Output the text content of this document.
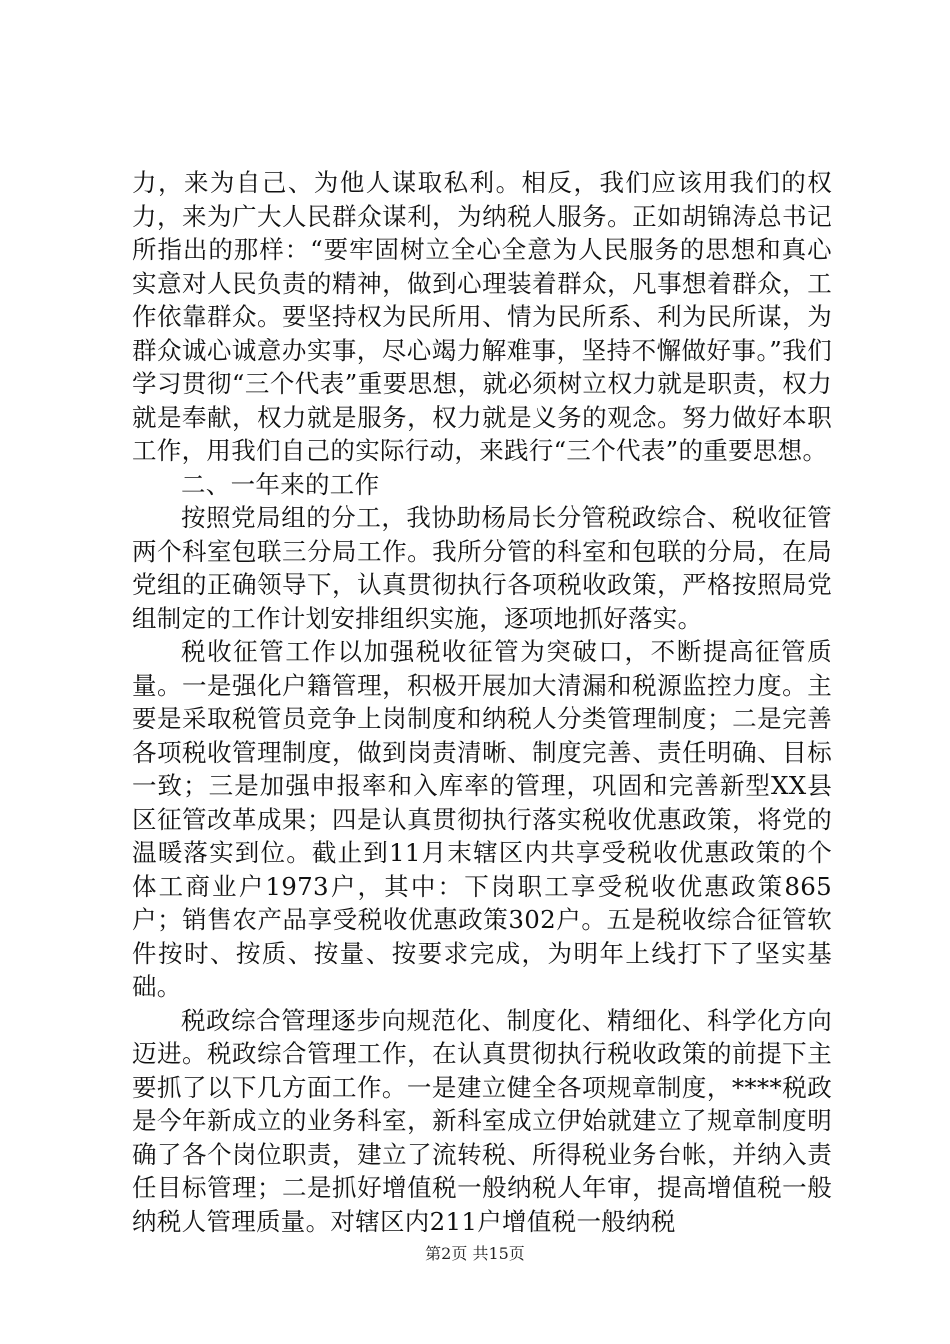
力，来为自己、为他人谋取私利。相反，我们应该用我们的权力，来为广大人民群众谋利，为纳税人服务。正如胡锦涛总书记所指出的那样：“要牢固树立全心全意为人民服务的思想和真心实意对人民负责的精神，做到心理装着群众，凡事想着群众，工作依靠群众。要坚持权为民所用、情为民所系、利为民所谋，为群众诚心诚意办实事，尽心竭力解难事，坚持不懈做好事。”我们学习贯彻“三个代表”重要思想，就必须树立权力就是职责，权力就是奉献，权力就是服务，权力就是义务的观念。努力做好本职工作，用我们自己的实际行动，来践行“三个代表”的重要思想。

二、一年来的工作

按照党局组的分工，我协助杨局长分管税政综合、税收征管两个科室包联三分局工作。我所分管的科室和包联的分局，在局党组的正确领导下，认真贯彻执行各项税收政策，严格按照局党组制定的工作计划安排组织实施，逐项地抓好落实。

税收征管工作以加强税收征管为突破口，不断提高征管质量。一是强化户籍管理，积极开展加大清漏和税源监控力度。主要是采取税管员竞争上岗制度和纳税人分类管理制度；二是完善各项税收管理制度，做到岗责清晰、制度完善、责任明确、目标一致；三是加强申报率和入库率的管理，巩固和完善新型XX县区征管改革成果；四是认真贯彻执行落实税收优惠政策，将党的温暖落实到位。截止到11月末辖区内共享受税收优惠政策的个体工商业户1973户，其中：下岗职工享受税收优惠政策865户；销售农产品享受税收优惠政策302户。五是税收综合征管软件按时、按质、按量、按要求完成，为明年上线打下了坚实基础。

税政综合管理逐步向规范化、制度化、精细化、科学化方向迈进。税政综合管理工作，在认真贯彻执行税收政策的前提下主要抓了以下几方面工作。一是建立健全各项规章制度，****税政是今年新成立的业务科室，新科室成立伊始就建立了规章制度明确了各个岗位职责，建立了流转税、所得税业务台帐，并纳入责任目标管理；二是抓好增值税一般纳税人年审，提高增值税一般纳税人管理质量。对辖区内211户增值税一般纳税

第2页 共15页
